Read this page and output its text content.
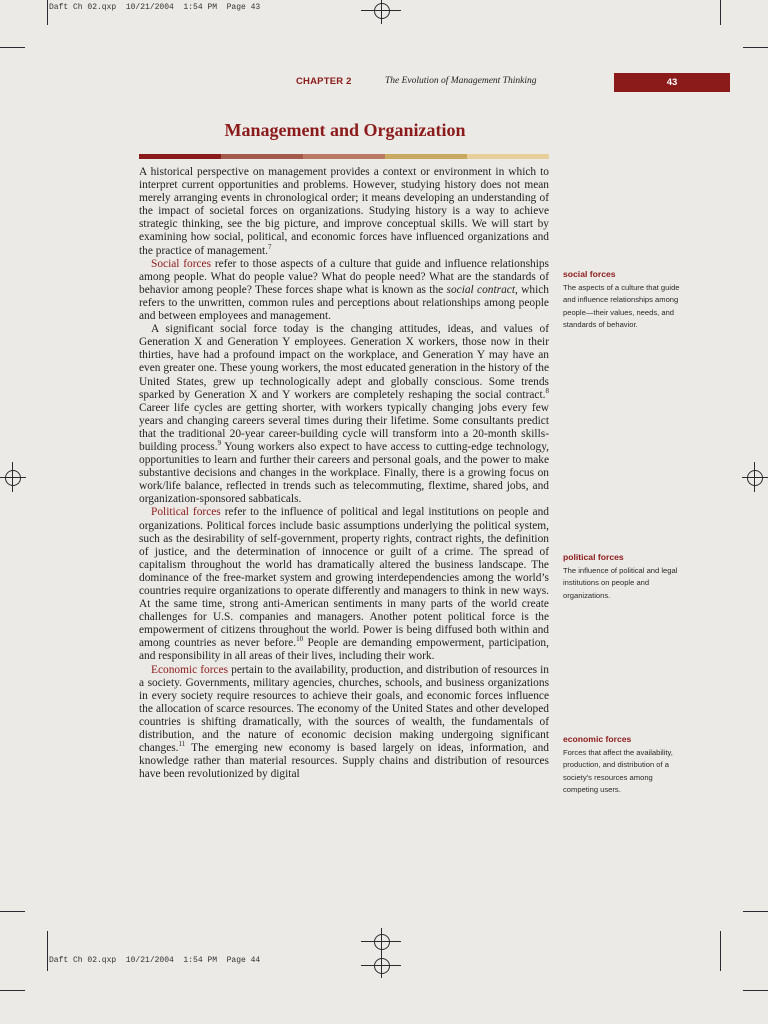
Daft Ch 02.qxp  10/21/2004  1:54 PM  Page 43
Daft Ch 02.qxp  10/21/2004  1:54 PM  Page 44
CHAPTER 2	The Evolution of Management Thinking	43
Management and Organization

A historical perspective on management provides a context or environment in which to interpret current opportunities and problems. However, studying history does not mean merely arranging events in chronological order; it means developing an understanding of the impact of societal forces on organizations. Studying history is a way to achieve strategic thinking, see the big picture, and improve conceptual skills. We will start by examining how social, political, and economic forces have influenced organizations and the practice of management.$^7$

Social forces refer to those aspects of a culture that guide and influence relationships among people. What do people value? What do people need? What are the standards of behavior among people? These forces shape what is known as the social contract, which refers to the unwritten, common rules and perceptions about relationships among people and between employees and management.

A significant social force today is the changing attitudes, ideas, and values of Generation X and Generation Y employees. Generation X workers, those now in their thirties, have had a profound impact on the workplace, and Generation Y may have an even greater one. These young workers, the most educated generation in the history of the United States, grew up technologically adept and globally conscious. Some trends sparked by Generation X and Y workers are completely reshaping the social contract.$^8$ Career life cycles are getting shorter, with workers typically changing jobs every few years and changing careers several times during their lifetime. Some consultants predict that the traditional 20-year career-building cycle will transform into a 20-month skills-building process.$^9$ Young workers also expect to have access to cutting-edge technology, opportunities to learn and further their careers and personal goals, and the power to make substantive decisions and changes in the workplace. Finally, there is a growing focus on work/life balance, reflected in trends such as telecommuting, flextime, shared jobs, and organization-sponsored sabbaticals.

Political forces refer to the influence of political and legal institutions on people and organizations. Political forces include basic assumptions underlying the political system, such as the desirability of self-government, property rights, contract rights, the definition of justice, and the determination of innocence or guilt of a crime. The spread of capitalism throughout the world has dramatically altered the business landscape. The dominance of the free-market system and growing interdependencies among the world’s countries require organizations to operate differently and managers to think in new ways. At the same time, strong anti-American sentiments in many parts of the world create challenges for U.S. companies and managers. Another potent political force is the empowerment of citizens throughout the world. Power is being diffused both within and among countries as never before.$^{10}$ People are demanding empowerment, participation, and responsibility in all areas of their lives, including their work.

Economic forces pertain to the availability, production, and distribution of resources in a society. Governments, military agencies, churches, schools, and business organizations in every society require resources to achieve their goals, and economic forces influence the allocation of scarce resources. The economy of the United States and other developed countries is shifting dramatically, with the sources of wealth, the fundamentals of distribution, and the nature of economic decision making undergoing significant changes.$^{11}$ The emerging new economy is based largely on ideas, information, and knowledge rather than material resources. Supply chains and distribution of resources have been revolutionized by digital

social forces
The aspects of a culture that guide and influence relationships among people—their values, needs, and standards of behavior.
political forces
The influence of political and legal institutions on people and organizations.
economic forces
Forces that affect the availability, production, and distribution of a society’s resources among competing users.
